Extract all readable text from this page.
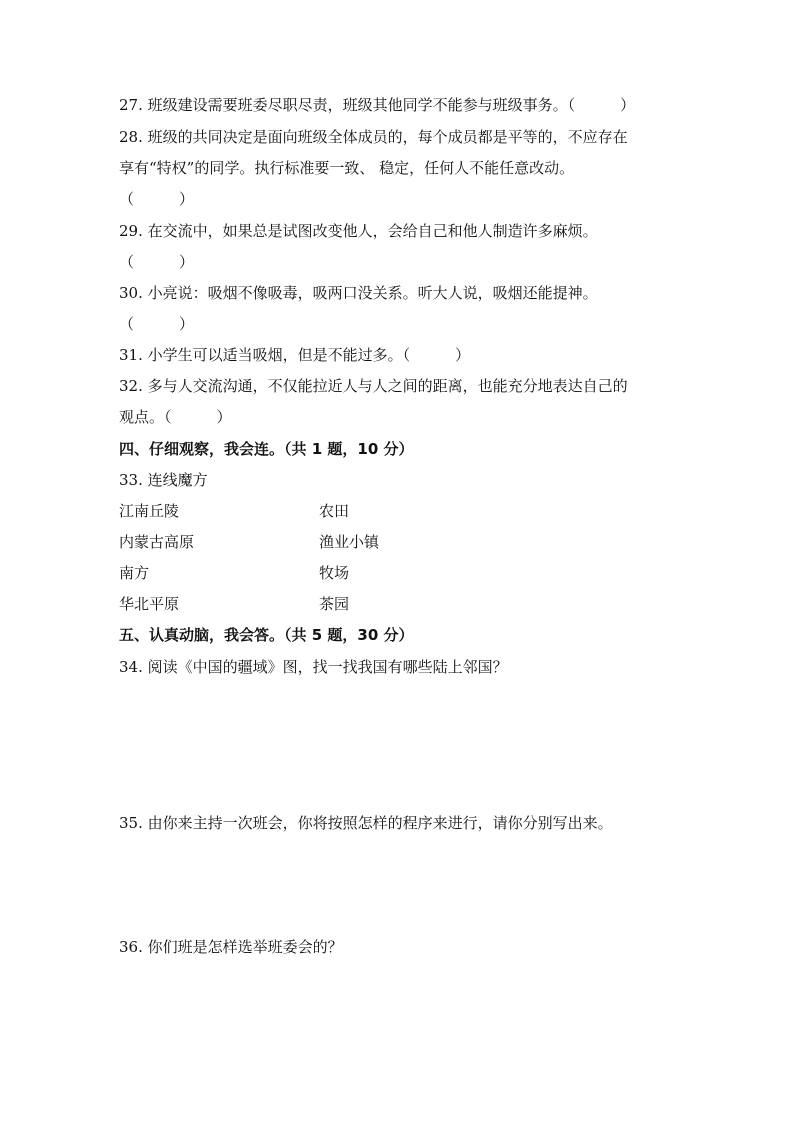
27. 班级建设需要班委尽职尽责，班级其他同学不能参与班级事务。（　　　）
28. 班级的共同决定是面向班级全体成员的，每个成员都是平等的，不应存在
享有“特权”的同学。执行标准要一致、 稳定，任何人不能任意改动。
（　　　）
29. 在交流中，如果总是试图改变他人，会给自己和他人制造许多麻烦。
（　　　）
30. 小亮说：吸烟不像吸毒，吸两口没关系。听大人说，吸烟还能提神。
（　　　）
31. 小学生可以适当吸烟，但是不能过多。（　　　）
32. 多与人交流沟通，不仅能拉近人与人之间的距离，也能充分地表达自己的
观点。（　　　）
四、仔细观察，我会连。（共 1 题，10 分）
33. 连线魔方
江南丘陵	农田
内蒙古高原	渔业小镇
南方	牧场
华北平原	茶园
五、认真动脑，我会答。（共 5 题，30 分）
34. 阅读《中国的疆域》图，找一找我国有哪些陆上邻国？
35. 由你来主持一次班会，你将按照怎样的程序来进行，请你分别写出来。
36. 你们班是怎样选举班委会的？
